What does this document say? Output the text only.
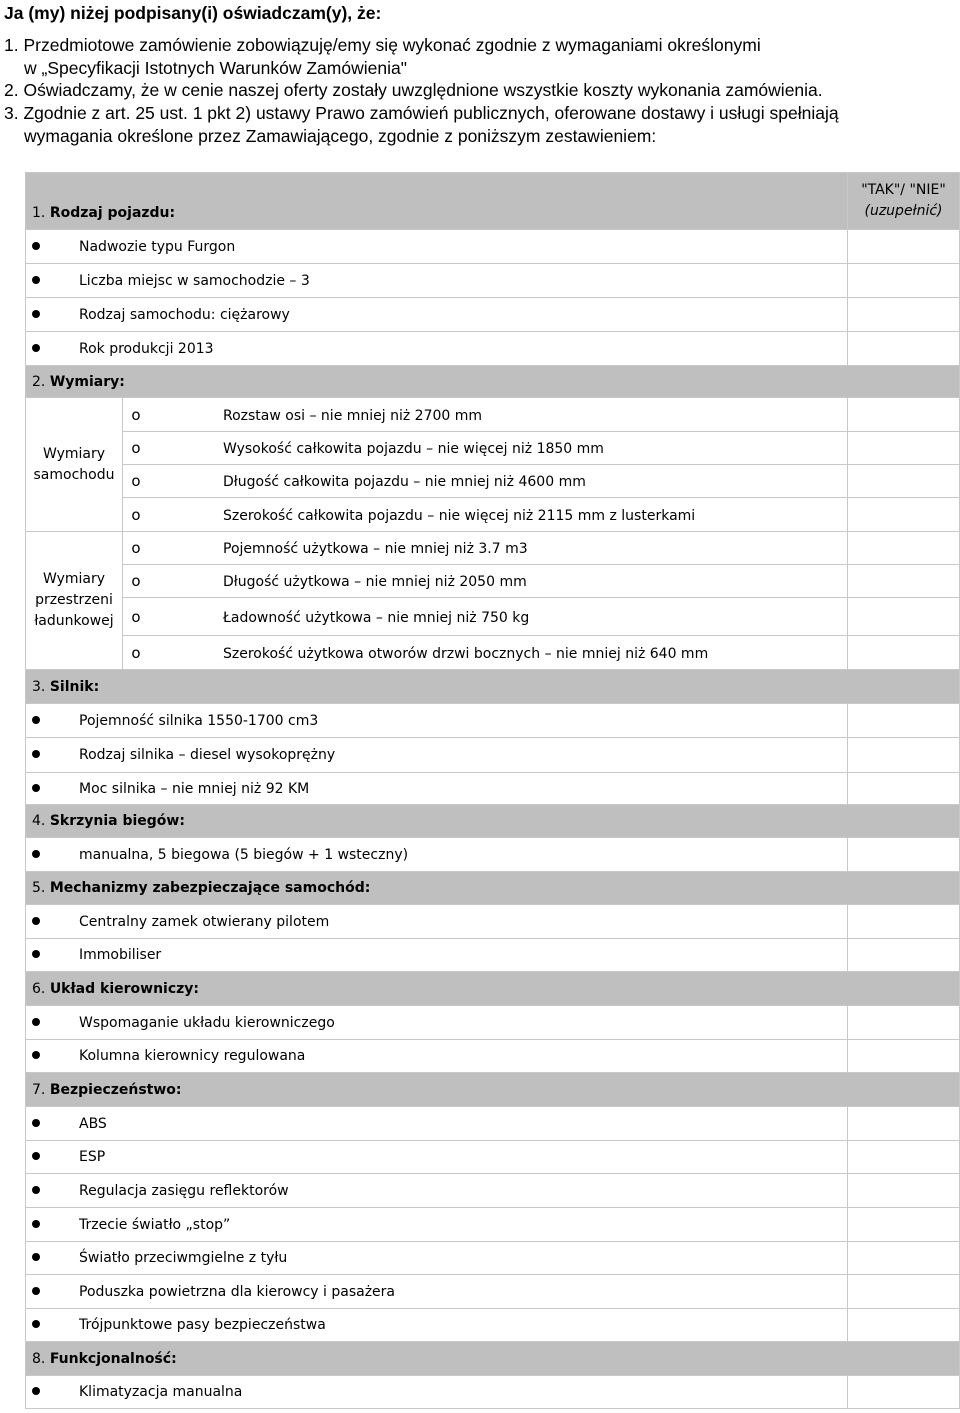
Ja (my) niżej podpisany(i) oświadczam(y), że:
1. Przedmiotowe zamówienie zobowiązuję/emy się wykonać zgodnie z wymaganiami określonymi
w „Specyfikacji Istotnych Warunków Zamówienia"
2. Oświadczamy, że w cenie naszej oferty zostały uwzględnione wszystkie koszty wykonania zamówienia.
3. Zgodnie z art. 25 ust. 1 pkt 2) ustawy Prawo zamówień publicznych, oferowane dostawy i usługi spełniają
wymagania określone przez Zamawiającego, zgodnie z poniższym zestawieniem:
1. Rodzaj pojazdu:		"TAK"/ "NIE"
(uzupełnić)

Nadwozie typu Furgon		
Liczba miejsc w samochodzie – 3		
Rodzaj samochodu: ciężarowy		
Rok produkcji 2013		
2. Wymiary:		

Wymiary
samochodu	o Rozstaw osi – nie mniej niż 2700 mm	
	o Wysokość całkowita pojazdu – nie więcej niż 1850 mm	
	o Długość całkowita pojazdu – nie mniej niż 4600 mm	
	o Szerokość całkowita pojazdu – nie więcej niż 2115 mm z lusterkami	

Wymiary
przestrzeni
ładunkowej	o Pojemność użytkowa – nie mniej niż 3.7 m3	
	o Długość użytkowa – nie mniej niż 2050 mm	
	o Ładowność użytkowa – nie mniej niż 750 kg	
	o Szerokość użytkowa otworów drzwi bocznych – nie mniej niż 640 mm	
3. Silnik:		
Pojemność silnika 1550-1700 cm3		
Rodzaj silnika – diesel wysokoprężny		
Moc silnika – nie mniej niż 92 KM		
4. Skrzynia biegów:		
manualna, 5 biegowa (5 biegów + 1 wsteczny)		
5. Mechanizmy zabezpieczające samochód:		
Centralny zamek otwierany pilotem		
Immobiliser		
6. Układ kierowniczy:		
Wspomaganie układu kierowniczego		
Kolumna kierownicy regulowana		
7. Bezpieczeństwo:		
ABS		
ESP		
Regulacja zasięgu reflektorów		
Trzecie światło „stop”		
Światło przeciwmgielne z tyłu		
Poduszka powietrzna dla kierowcy i pasażera		
Trójpunktowe pasy bezpieczeństwa		
8. Funkcjonalność:		
Klimatyzacja manualna		
